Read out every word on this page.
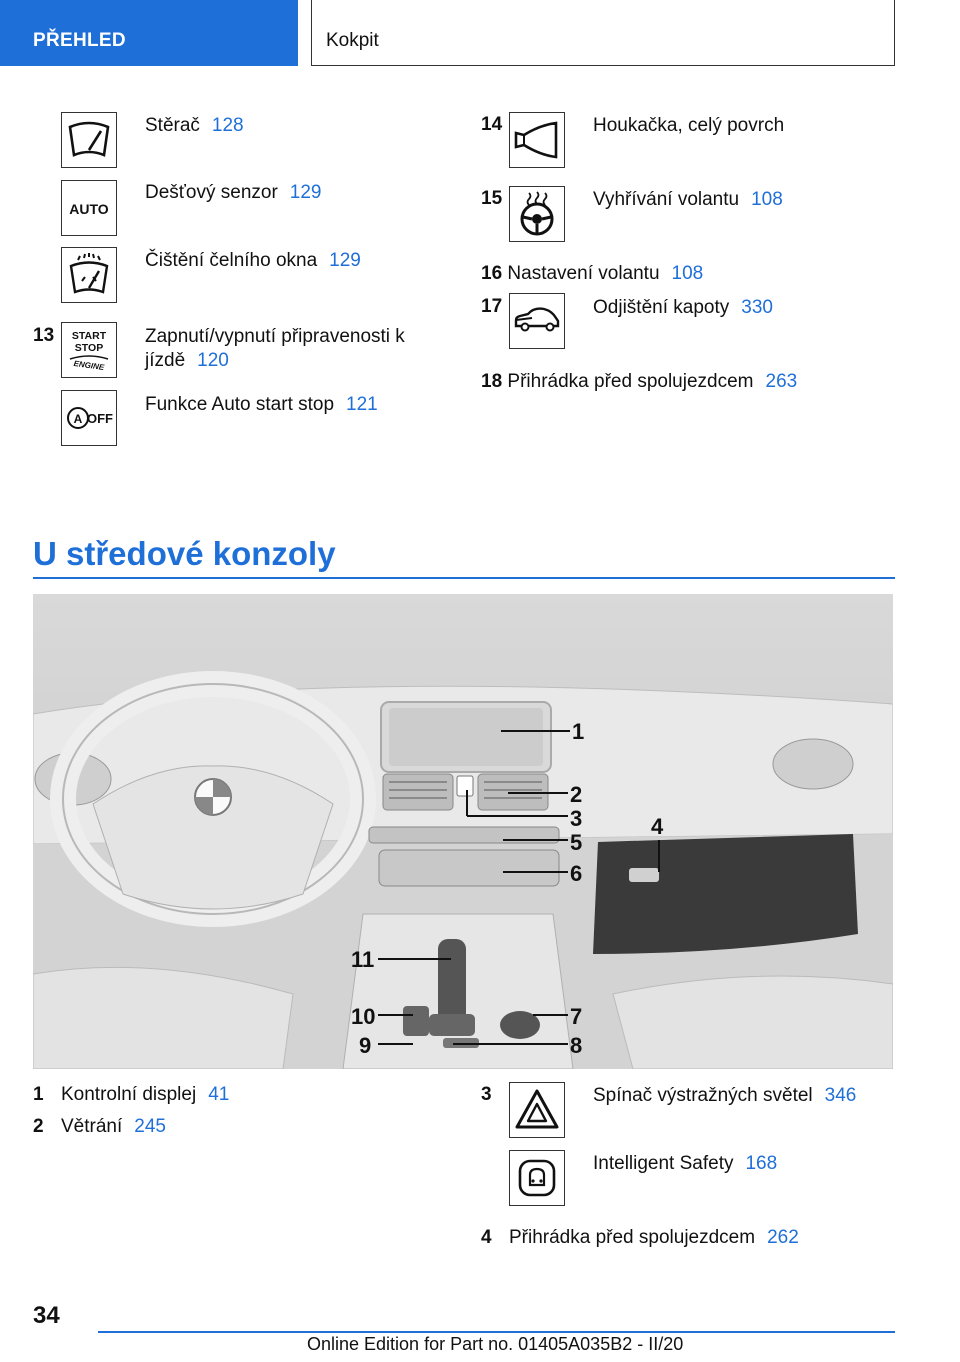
PŘEHLED	Kokpit
Stěrač 128
AUTO
Dešťový senzor 129
Čištění čelního okna 129
13 START
STOP
ENGINE
Zapnutí/vypnutí připravenosti k
jízdě 120
A OFF
Funkce Auto start stop 121
14	Houkačka, celý povrch
15	Vyhřívání volantu 108
16 Nastavení volantu 108
17	Odjištění kapoty 330
18 Přihrádka před spolujezdcem 263
U středové konzoly
1
2
3	4
5
6
7
8
9
10
11
1 Kontrolní displej 41
2 Větrání 245
3	Spínač výstražných světel 346
Intelligent Safety 168
4 Přihrádka před spolujezdcem 262
34
Online Edition for Part no. 01405A035B2 - II/20
